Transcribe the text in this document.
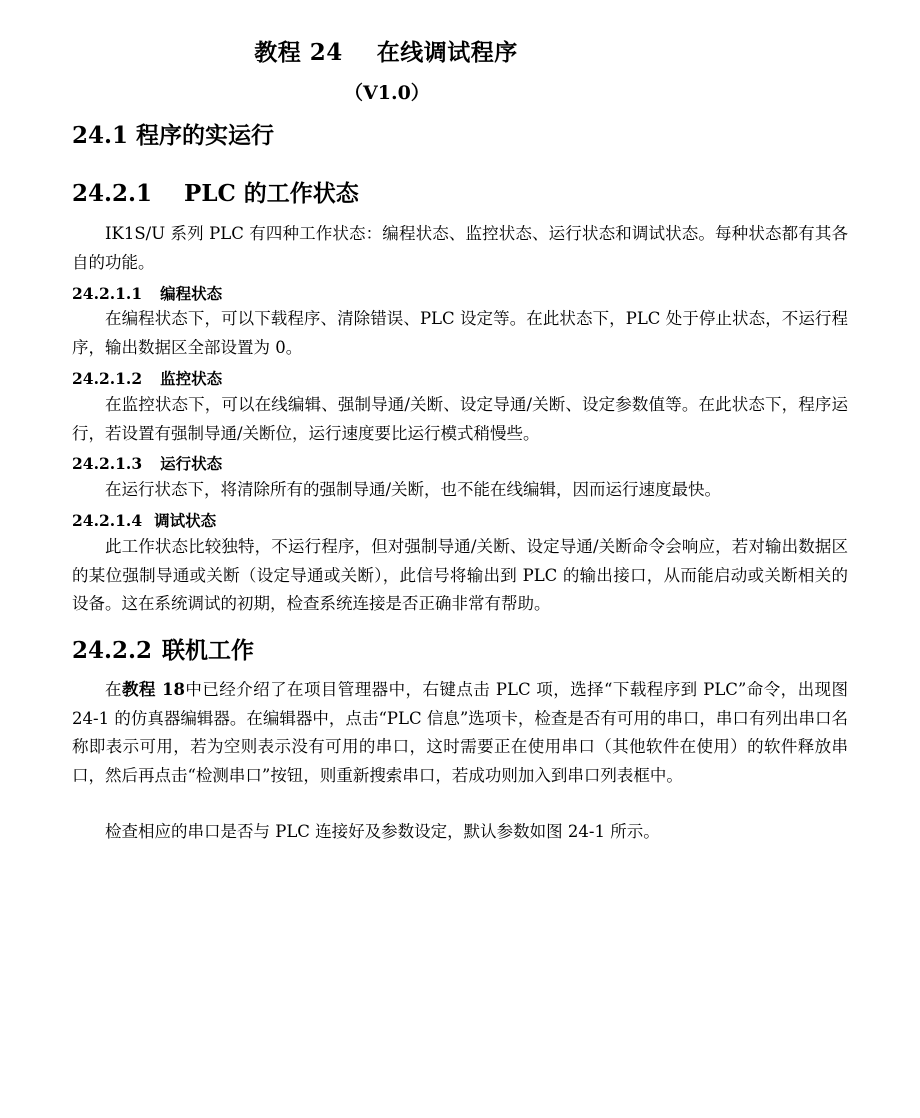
教程 24 在线调试程序
（V1.0）
24.1 程序的实运行
24.2.1 PLC 的工作状态
IK1S/U 系列 PLC 有四种工作状态：编程状态、监控状态、运行状态和调试状态。每种状态都有其各自的功能。
24.2.1.1 编程状态
在编程状态下，可以下载程序、清除错误、PLC 设定等。在此状态下，PLC 处于停止状态，不运行程序，输出数据区全部设置为 0。
24.2.1.2 监控状态
在监控状态下，可以在线编辑、强制导通/关断、设定导通/关断、设定参数值等。在此状态下，程序运行，若设置有强制导通/关断位，运行速度要比运行模式稍慢些。
24.2.1.3 运行状态
在运行状态下，将清除所有的强制导通/关断，也不能在线编辑，因而运行速度最快。
24.2.1.4 调试状态
此工作状态比较独特，不运行程序，但对强制导通/关断、设定导通/关断命令会响应，若对输出数据区的某位强制导通或关断（设定导通或关断），此信号将输出到 PLC 的输出接口，从而能启动或关断相关的设备。这在系统调试的初期，检查系统连接是否正确非常有帮助。
24.2.2 联机工作
在教程 18中已经介绍了在项目管理器中，右键点击 PLC 项，选择“下载程序到 PLC”命令，出现图 24-1 的仿真器编辑器。在编辑器中，点击“PLC 信息”选项卡，检查是否有可用的串口，串口有列出串口名称即表示可用，若为空则表示没有可用的串口，这时需要正在使用串口（其他软件在使用）的软件释放串口，然后再点击“检测串口”按钮，则重新搜索串口，若成功则加入到串口列表框中。
检查相应的串口是否与 PLC 连接好及参数设定，默认参数如图 24-1 所示。
